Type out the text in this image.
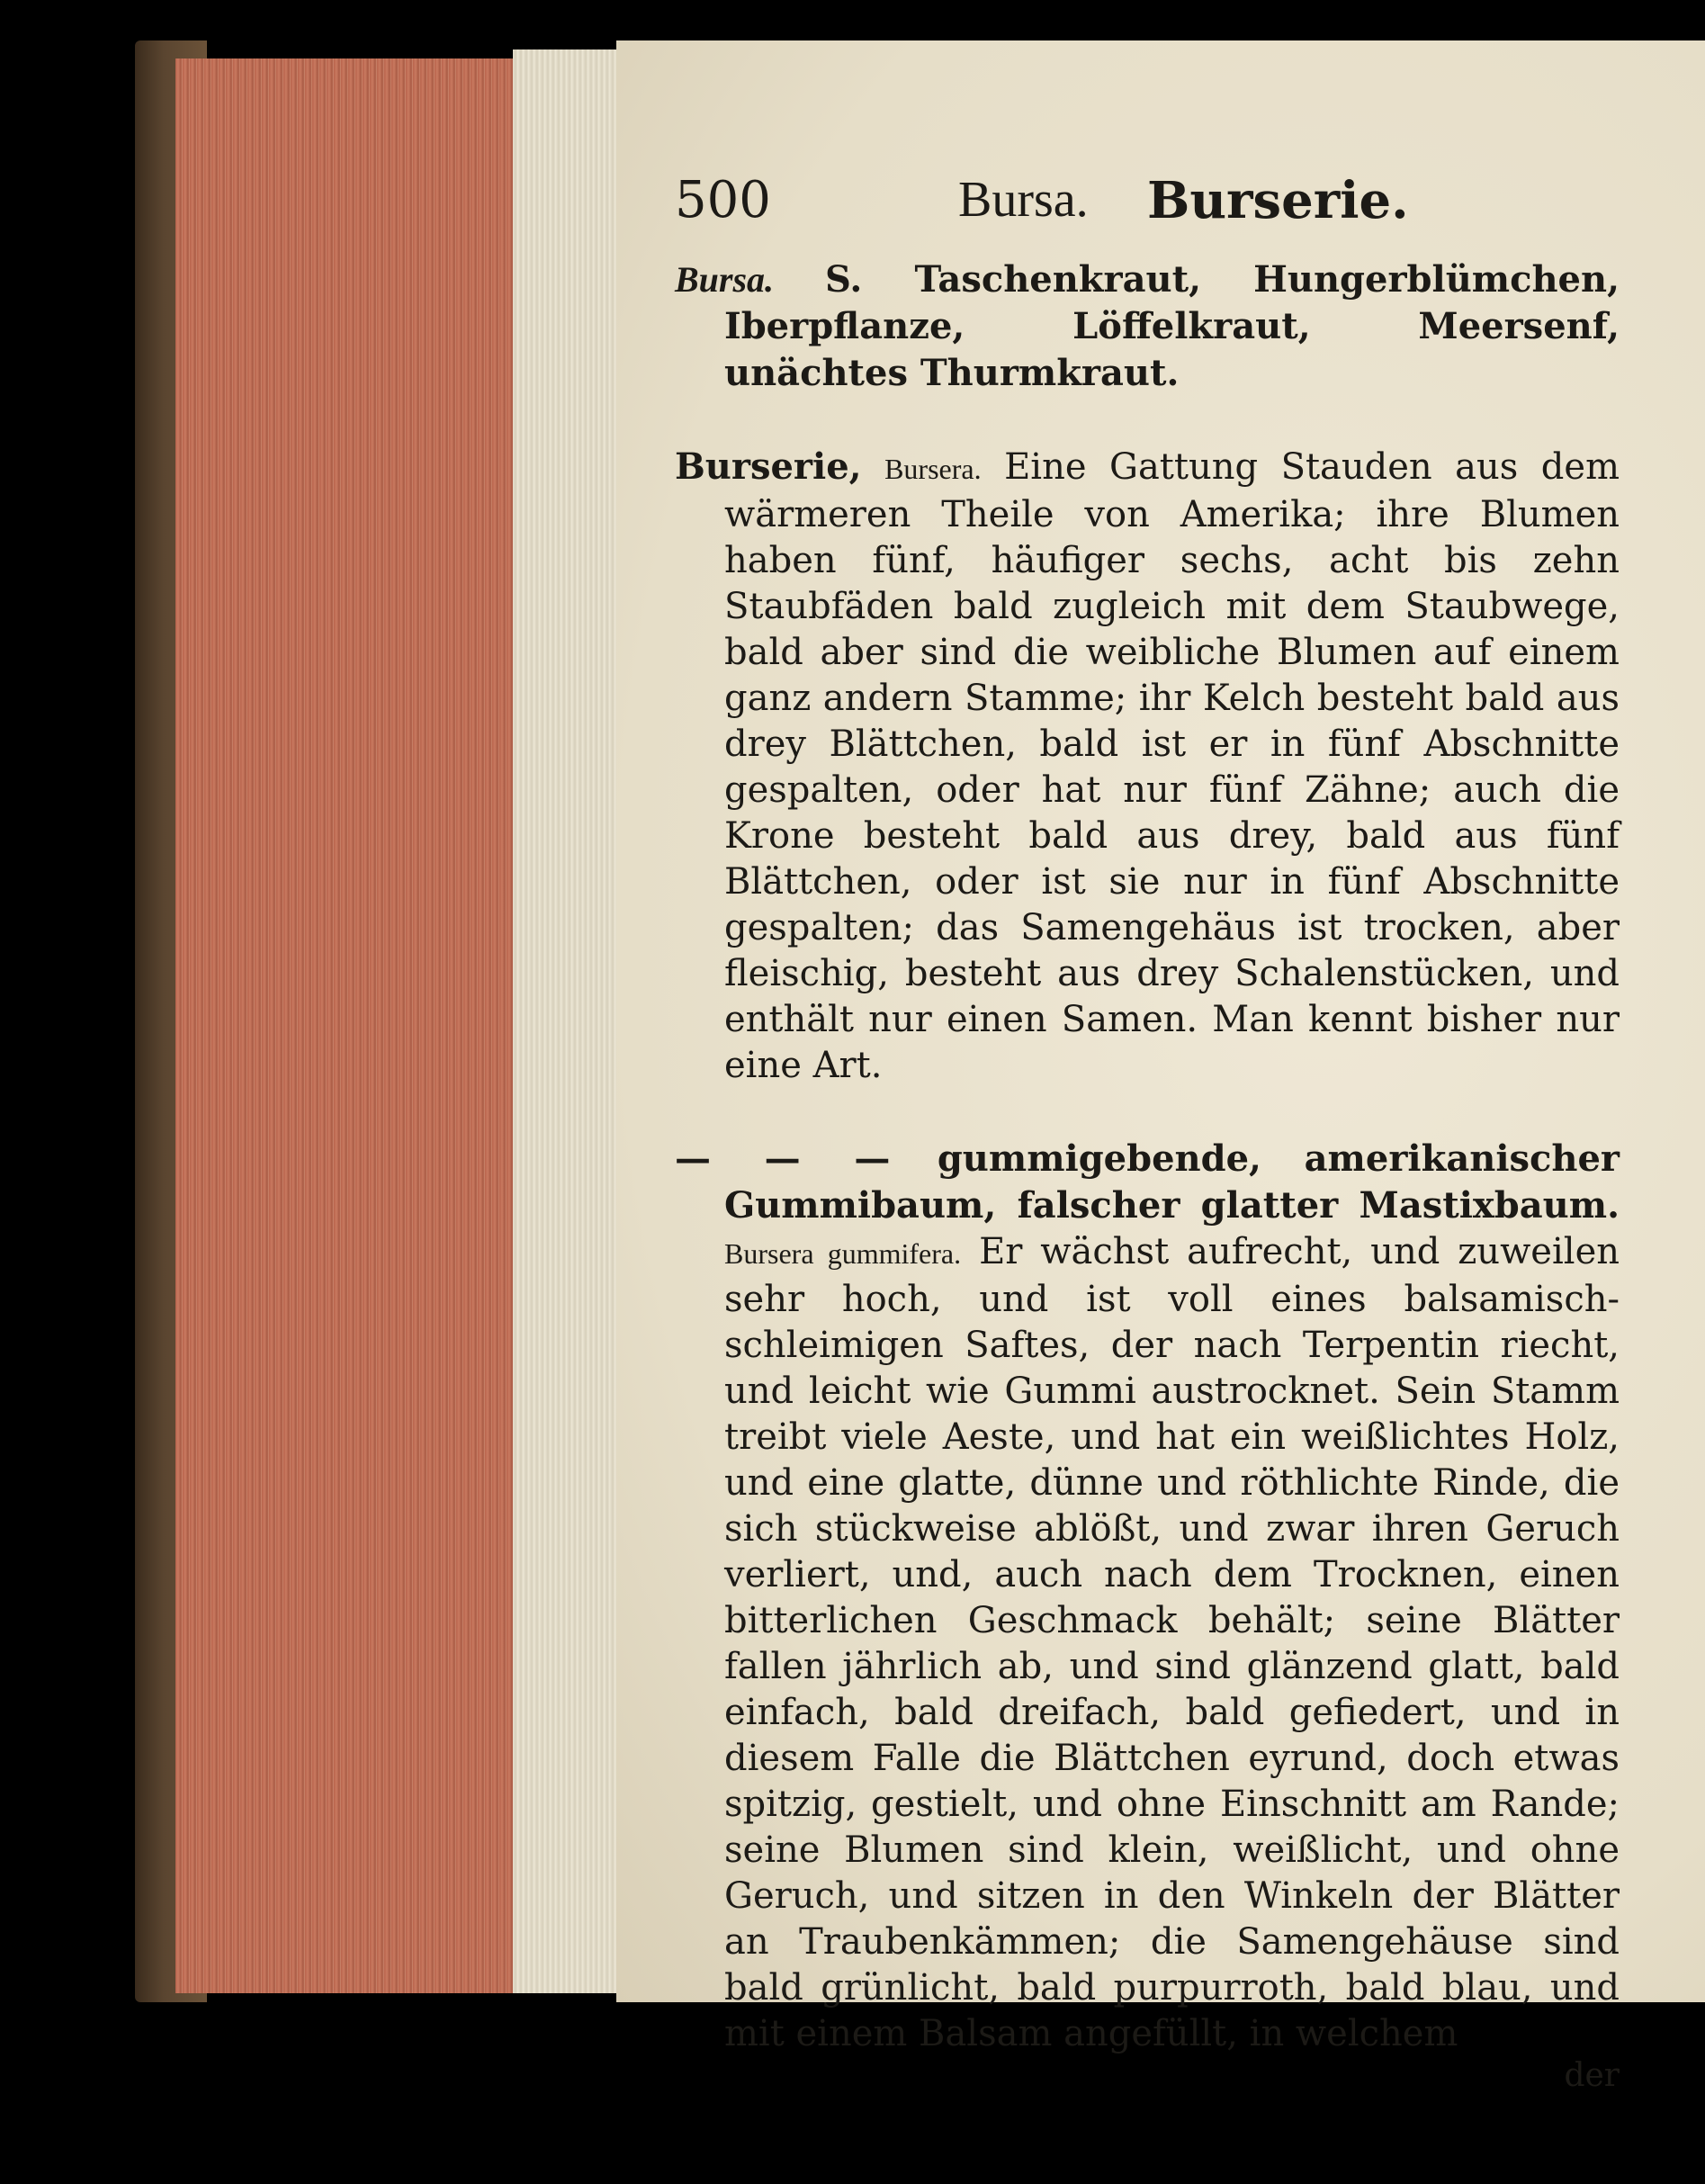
500	Bursa. Burserie.

Bursa. S. Taschenkraut, Hungerblümchen, Iberpflanze, Löffelkraut, Meersenf, unächtes Thurmkraut.

Burserie, Bursera. Eine Gattung Stauden aus dem wärmeren Theile von Amerika; ihre Blumen haben fünf, häufiger sechs, acht bis zehn Staubfäden bald zugleich mit dem Staubwege, bald aber sind die weibliche Blumen auf einem ganz andern Stamme; ihr Kelch besteht bald aus drey Blättchen, bald ist er in fünf Abschnitte gespalten, oder hat nur fünf Zähne; auch die Krone besteht bald aus drey, bald aus fünf Blättchen, oder ist sie nur in fünf Abschnitte gespalten; das Samengehäus ist trocken, aber fleischig, besteht aus drey Schalenstücken, und enthält nur einen Samen. Man kennt bisher nur eine Art.

— — — gummigebende, amerikanischer Gummibaum, falscher glatter Mastixbaum. Bursera gummifera. Er wächst aufrecht, und zuweilen sehr hoch, und ist voll eines balsamisch-schleimigen Saftes, der nach Terpentin riecht, und leicht wie Gummi austrocknet. Sein Stamm treibt viele Aeste, und hat ein weißlichtes Holz, und eine glatte, dünne und röthlichte Rinde, die sich stückweise ablößt, und zwar ihren Geruch verliert, und, auch nach dem Trocknen, einen bitterlichen Geschmack behält; seine Blätter fallen jährlich ab, und sind glänzend glatt, bald einfach, bald dreifach, bald gefiedert, und in diesem Falle die Blättchen eyrund, doch etwas spitzig, gestielt, und ohne Einschnitt am Rande; seine Blumen sind klein, weißlicht, und ohne Geruch, und sitzen in den Winkeln der Blätter an Traubenkämmen; die Samengehäuse sind bald grünlicht, bald purpurroth, bald blau, und mit einem Balsam angefüllt, in welchem

der
